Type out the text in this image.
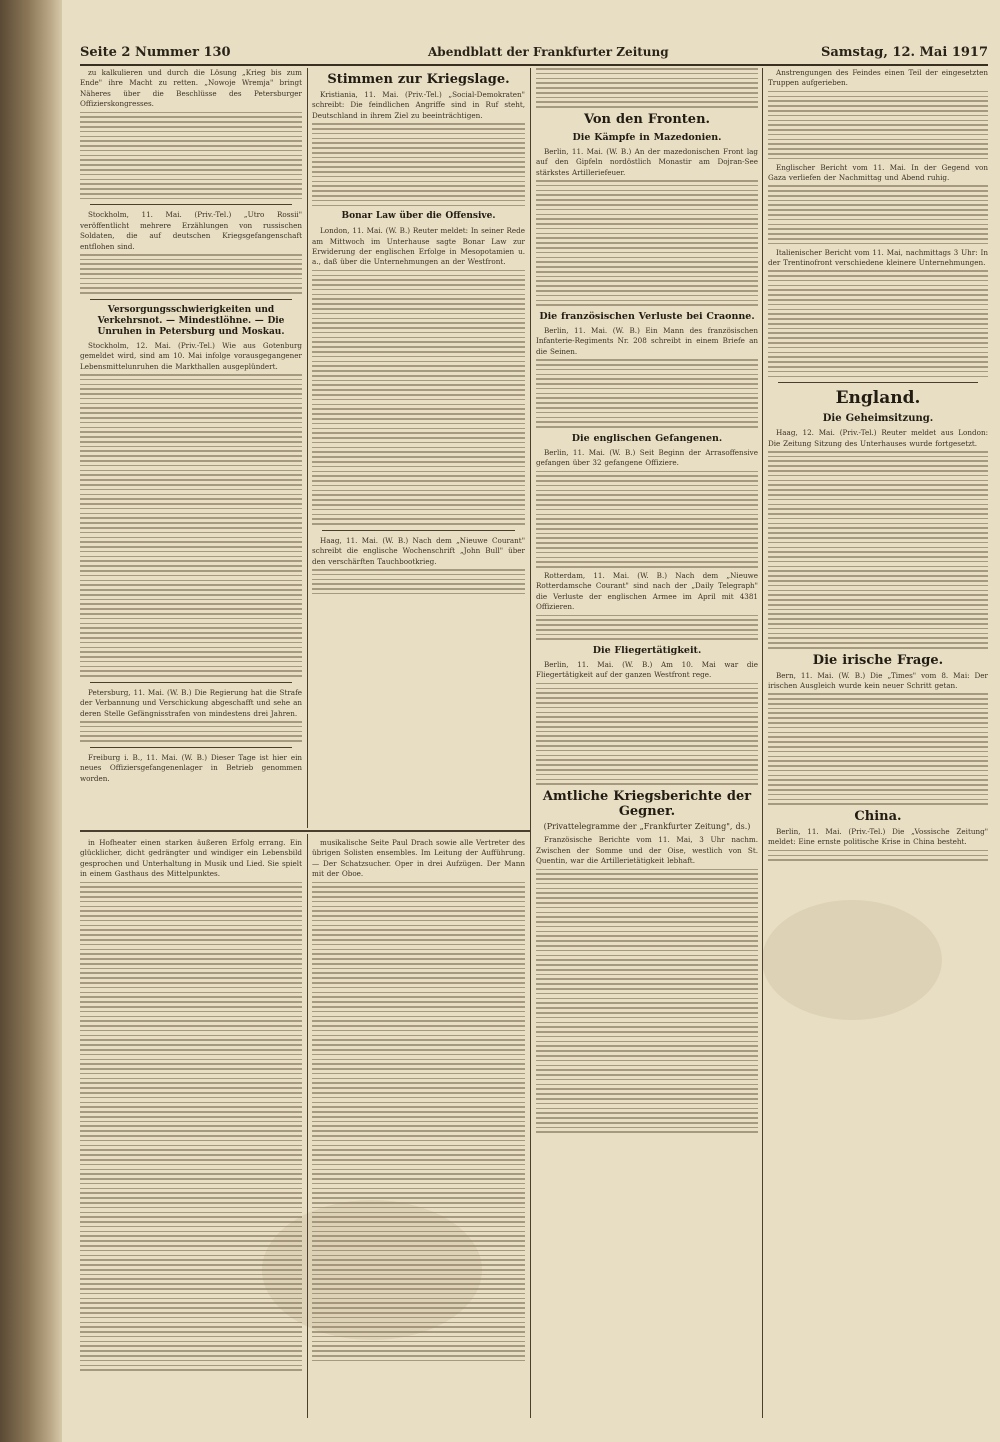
Seite 2 Nummer 130	Abendblatt der Frankfurter Zeitung	Samstag, 12. Mai 1917

zu kalkulieren und durch die Lösung „Krieg bis zum Ende" ihre Macht zu retten. „Nowoje Wremja" bringt Näheres über die Beschlüsse des Petersburger Offizierskongresses.

Stockholm, 11. Mai. (Priv.-Tel.) „Utro Rossii" veröffentlicht mehrere Erzählungen von russischen Soldaten, die auf deutschen Kriegsgefangenschaft entflohen sind.

Versorgungsschwierigkeiten und Verkehrsnot. — Mindestlöhne. — Die Unruhen in Petersburg und Moskau.

Stockholm, 12. Mai. (Priv.-Tel.) Wie aus Gotenburg gemeldet wird, sind am 10. Mai infolge vorausgegangener Lebensmittelunruhen die Markthallen ausgeplündert.

Petersburg, 11. Mai. (W. B.) Die Regierung hat die Strafe der Verbannung und Verschickung abgeschafft und sehe an deren Stelle Gefängnisstrafen von mindestens drei Jahren.

Freiburg i. B., 11. Mai. (W. B.) Dieser Tage ist hier ein neues Offiziersgefangenenlager in Betrieb genommen worden.

Stimmen zur Kriegslage.

Kristiania, 11. Mai. (Priv.-Tel.) „Social-Demokraten" schreibt: Die feindlichen Angriffe sind in Ruf steht, Deutschland in ihrem Ziel zu beeinträchtigen.

Bonar Law über die Offensive.

London, 11. Mai. (W. B.) Reuter meldet: In seiner Rede am Mittwoch im Unterhause sagte Bonar Law zur Erwiderung der englischen Erfolge in Mesopotamien u. a., daß über die Unternehmungen an der Westfront.

Haag, 11. Mai. (W. B.) Nach dem „Nieuwe Courant" schreibt die englische Wochenschrift „John Bull" über den verschärften Tauchbootkrieg.

in Hofheater einen starken äußeren Erfolg errang. Ein glücklicher, dicht gedrängter und windiger ein Lebensbild gesprochen und Unterhaltung in Musik und Lied. Sie spielt in einem Gasthaus des Mittelpunktes.

musikalische Seite Paul Drach sowie alle Vertreter des übrigen Solisten ensembles. Im Leitung der Aufführung. — Der Schatzsucher. Oper in drei Aufzügen. Der Mann mit der Oboe.

Von den Fronten.
Die Kämpfe in Mazedonien.

Berlin, 11. Mai. (W. B.) An der mazedonischen Front lag auf den Gipfeln nordöstlich Monastir am Dojran-See stärkstes Artilleriefeuer.

Die französischen Verluste bei Craonne.

Berlin, 11. Mai. (W. B.) Ein Mann des französischen Infanterie-Regiments Nr. 208 schreibt in einem Briefe an die Seinen.

Die englischen Gefangenen.

Berlin, 11. Mai. (W. B.) Seit Beginn der Arrasoffensive gefangen über 32 gefangene Offiziere.

Rotterdam, 11. Mai. (W. B.) Nach dem „Nieuwe Rotterdamsche Courant" sind nach der „Daily Telegraph" die Verluste der englischen Armee im April mit 4381 Offizieren.

Die Fliegertätigkeit.

Berlin, 11. Mai. (W. B.) Am 10. Mai war die Fliegertätigkeit auf der ganzen Westfront rege.

Amtliche Kriegsberichte der Gegner.
(Privattelegramme der „Frankfurter Zeitung", ds.)

Französische Berichte vom 11. Mai, 3 Uhr nachm. Zwischen der Somme und der Oise, westlich von St. Quentin, war die Artillerietätigkeit lebhaft.

Anstrengungen des Feindes einen Teil der eingesetzten Truppen aufgerieben.

Englischer Bericht vom 11. Mai. In der Gegend von Gaza verliefen der Nachmittag und Abend ruhig.

Italienischer Bericht vom 11. Mai, nachmittags 3 Uhr: In der Trentinofront verschiedene kleinere Unternehmungen.

England.
Die Geheimsitzung.

Haag, 12. Mai. (Priv.-Tel.) Reuter meldet aus London: Die Zeitung Sitzung des Unterhauses wurde fortgesetzt.

Die irische Frage.

Bern, 11. Mai. (W. B.) Die „Times" vom 8. Mai: Der irischen Ausgleich wurde kein neuer Schritt getan.

China.

Berlin, 11. Mai. (Priv.-Tel.) Die „Vossische Zeitung" meldet: Eine ernste politische Krise in China besteht.
